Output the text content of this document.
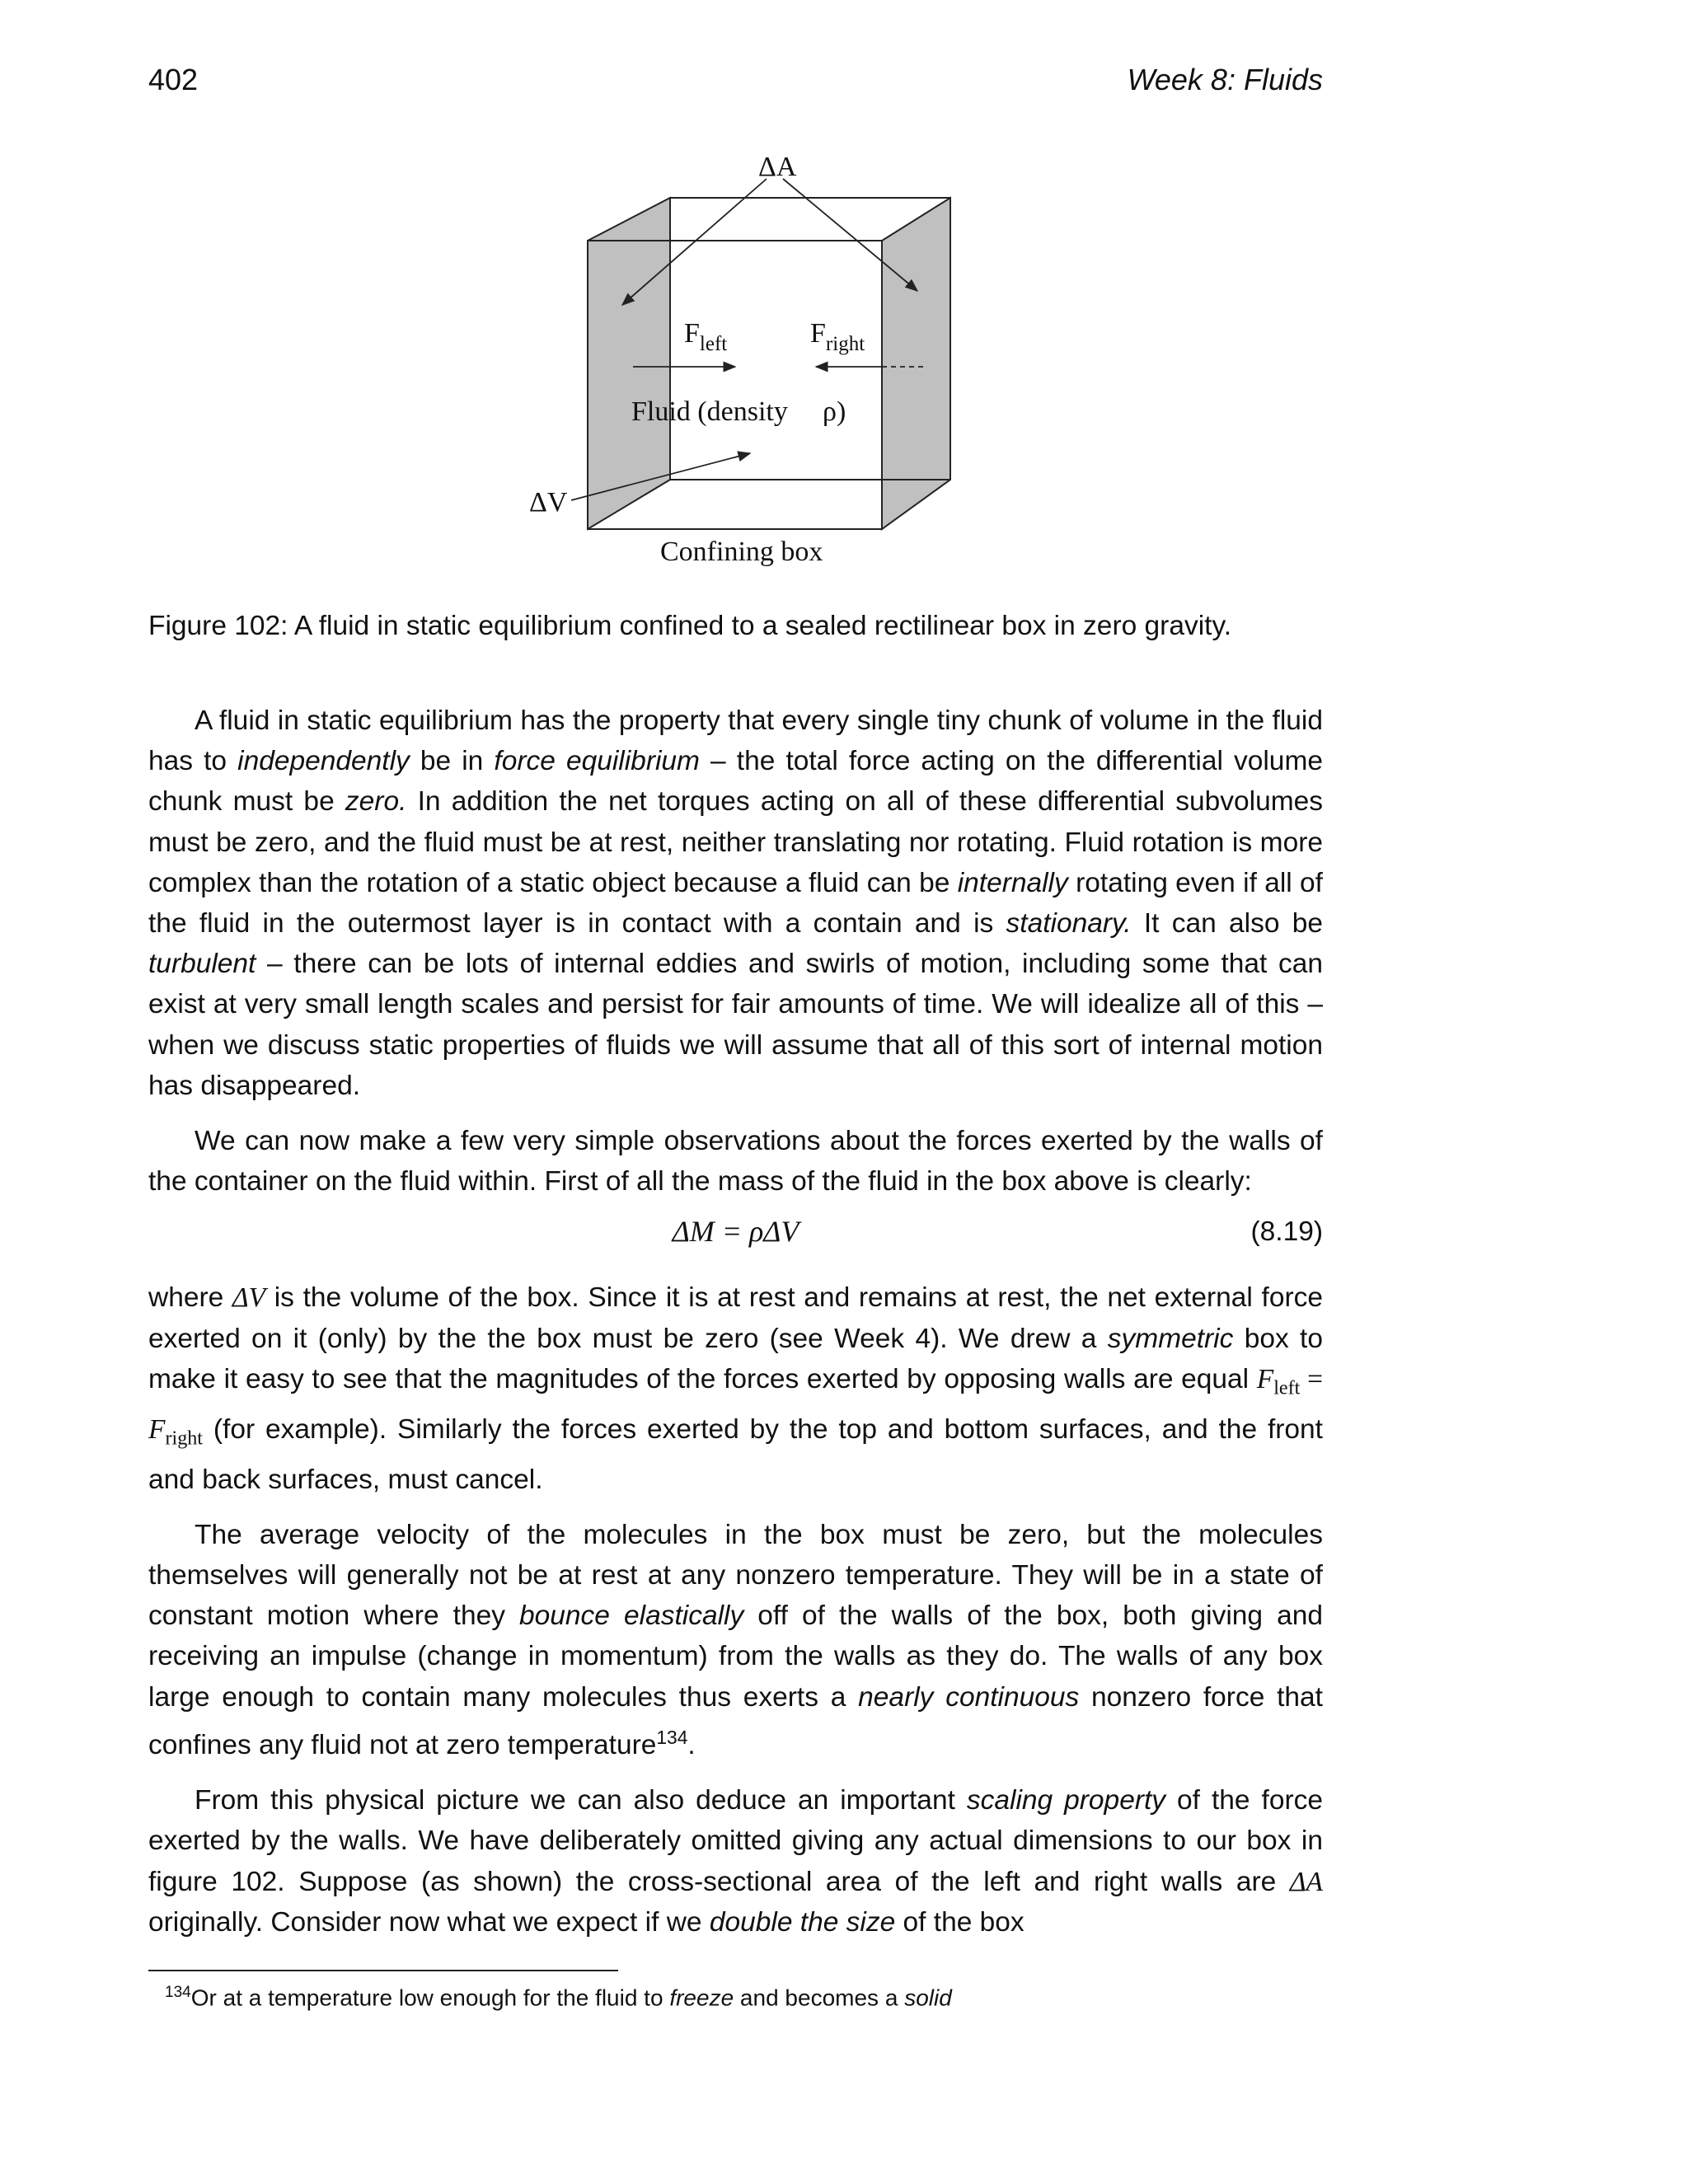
402	Week 8: Fluids
ΔA
$F_{left}$	$F_{right}$
Fluid (density ρ)
ΔV
Confining box
Figure 102: A fluid in static equilibrium confined to a sealed rectilinear box in zero gravity.

A fluid in static equilibrium has the property that every single tiny chunk of volume in the fluid has to independently be in force equilibrium – the total force acting on the differential volume chunk must be zero. In addition the net torques acting on all of these differential subvolumes must be zero, and the fluid must be at rest, neither translating nor rotating. Fluid rotation is more complex than the rotation of a static object because a fluid can be internally rotating even if all of the fluid in the outermost layer is in contact with a contain and is stationary. It can also be turbulent – there can be lots of internal eddies and swirls of motion, including some that can exist at very small length scales and persist for fair amounts of time. We will idealize all of this – when we discuss static properties of fluids we will assume that all of this sort of internal motion has disappeared.

We can now make a few very simple observations about the forces exerted by the walls of the container on the fluid within. First of all the mass of the fluid in the box above is clearly:

ΔM = ρΔV	(8.19)

where ΔV is the volume of the box. Since it is at rest and remains at rest, the net external force exerted on it (only) by the the box must be zero (see Week 4). We drew a symmetric box to make it easy to see that the magnitudes of the forces exerted by opposing walls are equal $F_{left} = F_{right}$ (for example). Similarly the forces exerted by the top and bottom surfaces, and the front and back surfaces, must cancel.

The average velocity of the molecules in the box must be zero, but the molecules themselves will generally not be at rest at any nonzero temperature. They will be in a state of constant motion where they bounce elastically off of the walls of the box, both giving and receiving an impulse (change in momentum) from the walls as they do. The walls of any box large enough to contain many molecules thus exerts a nearly continuous nonzero force that confines any fluid not at zero temperature$^{134}$.

From this physical picture we can also deduce an important scaling property of the force exerted by the walls. We have deliberately omitted giving any actual dimensions to our box in figure 102. Suppose (as shown) the cross-sectional area of the left and right walls are ΔA originally. Consider now what we expect if we double the size of the box

$^{134}$Or at a temperature low enough for the fluid to freeze and becomes a solid
